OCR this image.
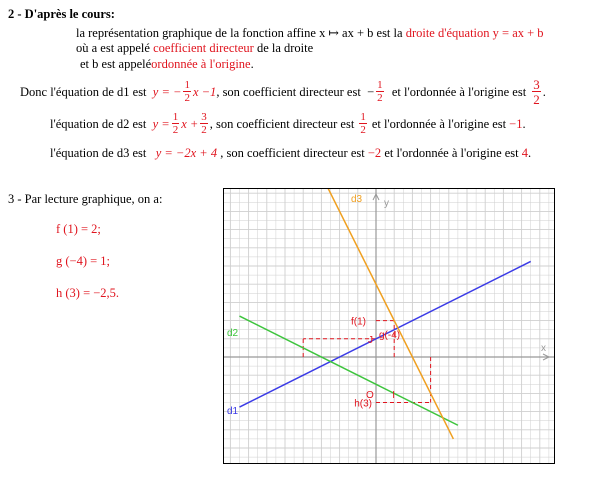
2 - D'après le cours:
la représentation graphique de la fonction affine x ↦ ax + b est la droite d'équation y = ax + b
où a est appelé coefficient directeur de la droite
et b est appeléordonnée à l'origine.
Donc l'équation de d1 est y = − $\frac{1}{2}$ x −1 , son coefficient directeur est  − $\frac{1}{2}$ et l'ordonnée à l'origine est $\frac{3}{2}$ .
l'équation de d2 est $y = \frac{1}{2}$ $x + \frac{3}{2}$ , son coefficient directeur est $\frac{1}{2}$ et l'ordonnée à l'origine est −1 .
l'équation de d3 est   y = −2x + 4 , son coefficient directeur est −2 et l'ordonnée à l'origine est 4.
3 - Par lecture graphique, on a:
f (1) = 2;
g (−4) = 1;
h (3) = −2,5.
d3 y
x
d2
d1
O
J
I
f(1)
g(-4)
h(3)
